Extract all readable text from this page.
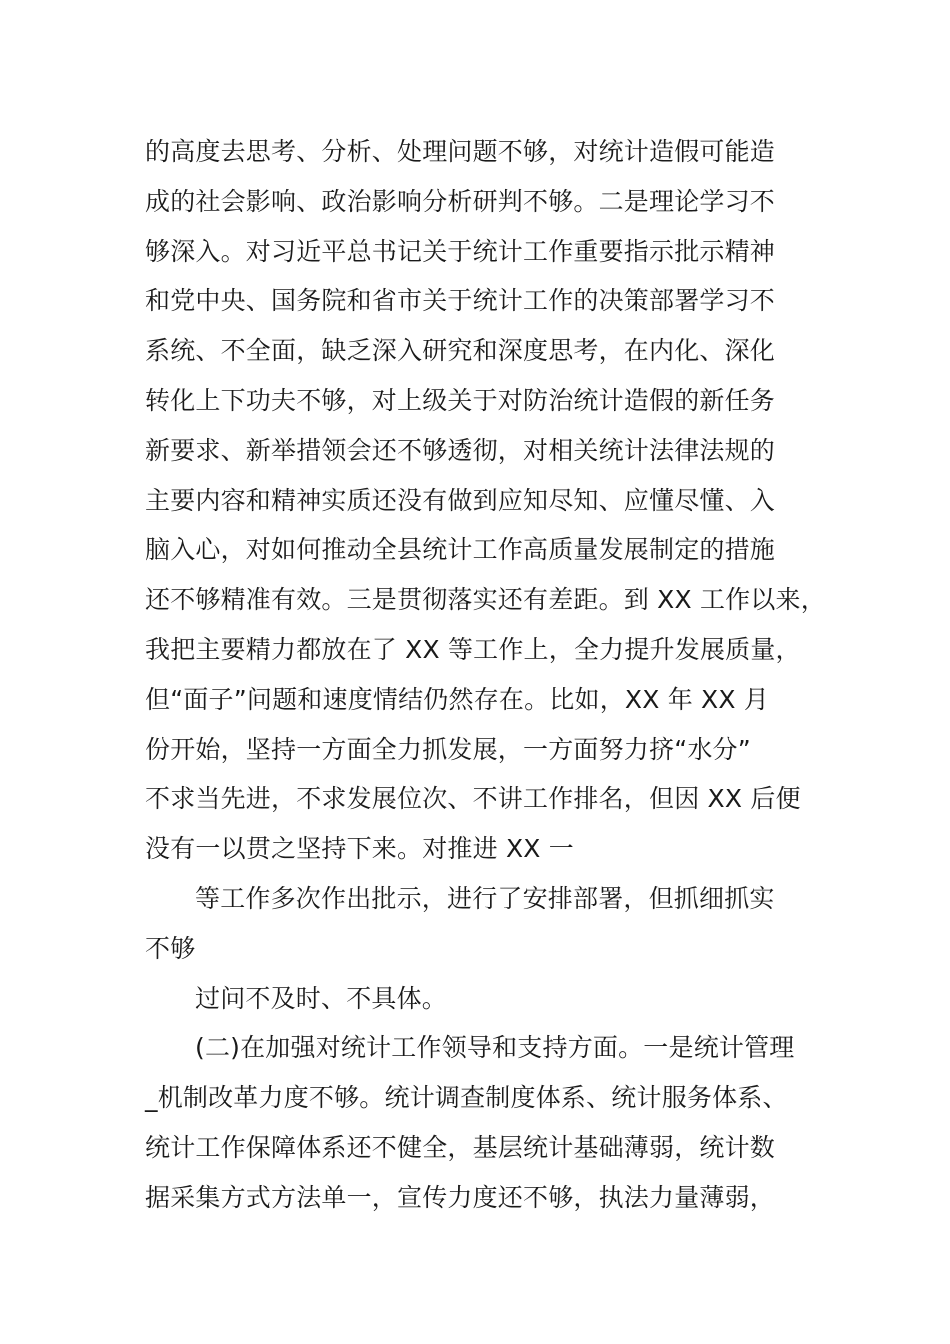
的高度去思考、分析、处理问题不够，对统计造假可能造
成的社会影响、政治影响分析研判不够。二是理论学习不
够深入。对习近平总书记关于统计工作重要指示批示精神
和党中央、国务院和省市关于统计工作的决策部署学习不
系统、不全面，缺乏深入研究和深度思考，在内化、深化
转化上下功夫不够，对上级关于对防治统计造假的新任务
新要求、新举措领会还不够透彻，对相关统计法律法规的
主要内容和精神实质还没有做到应知尽知、应懂尽懂、入
脑入心，对如何推动全县统计工作高质量发展制定的措施
还不够精准有效。三是贯彻落实还有差距。到 XX 工作以来，
我把主要精力都放在了 XX 等工作上，全力提升发展质量，
但“面子”问题和速度情结仍然存在。比如，XX 年 XX 月
份开始，坚持一方面全力抓发展，一方面努力挤“水分”
不求当先进，不求发展位次、不讲工作排名，但因 XX 后便
没有一以贯之坚持下来。对推进 XX 一
等工作多次作出批示，进行了安排部署，但抓细抓实
不够
过问不及时、不具体。
(二)在加强对统计工作领导和支持方面。一是统计管理
_机制改革力度不够。统计调查制度体系、统计服务体系、
统计工作保障体系还不健全，基层统计基础薄弱，统计数
据采集方式方法单一，宣传力度还不够，执法力量薄弱，
